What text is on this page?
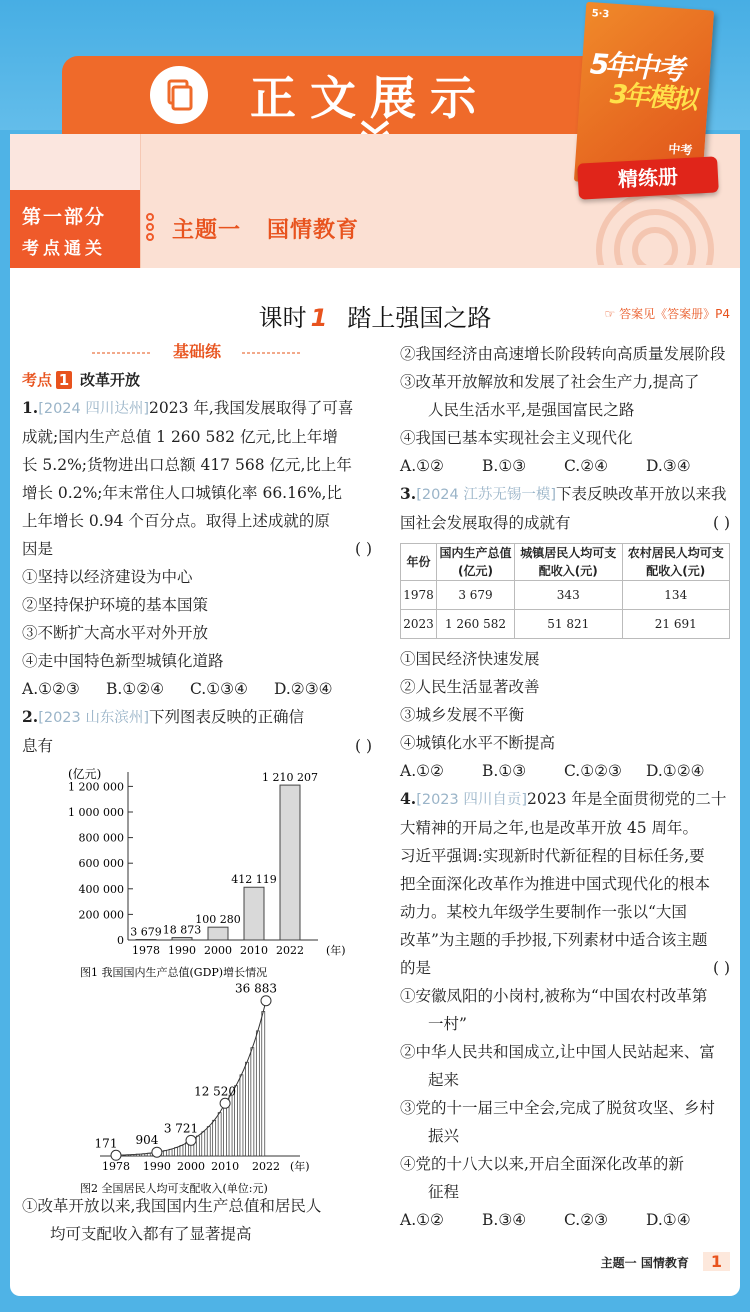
正文展示
5·3
5年中考
3年模拟
中考
精练册
第一部分
考点通关
主题一   国情教育
课时 1 踏上强国之路	☞ 答案见《答案册》P4
基础练
考点 1 改革开放

1.[2024 四川达州]2023 年,我国发展取得了可喜

成就;国内生产总值 1 260 582 亿元,比上年增

长 5.2%;货物进出口总额 417 568 亿元,比上年

增长 0.2%;年末常住人口城镇化率 66.16%,比

上年增长 0.94 个百分点。取得上述成就的原

因是	( )

①坚持以经济建设为中心

②坚持保护环境的基本国策

③不断扩大高水平对外开放

④走中国特色新型城镇化道路

A.①②③ B.①②④ C.①③④ D.②③④

2.[2023 山东滨州]下列图表反映的正确信

息有	( )

(亿元)
0
200 000
400 000
600 000
800 000
1 000 000
1 200 000
3 679
1978
18 873
1990
100 280
2000
412 119
2010
1 210 207
2022 (年)
图1 我国国内生产总值(GDP)增长情况
171
1978
904
1990
3 721
2000
12 520
2010
36 883
2022 (年)
图2 全国居民人均可支配收入(单位:元)

①改革开放以来,我国国内生产总值和居民人

均可支配收入都有了显著提高

②我国经济由高速增长阶段转向高质量发展阶段

③改革开放解放和发展了社会生产力,提高了

人民生活水平,是强国富民之路

④我国已基本实现社会主义现代化

A.①② B.①③ C.②④ D.③④

3.[2024 江苏无锡一模]下表反映改革开放以来我

国社会发展取得的成就有	( )

年份	国内生产总值(亿元)	城镇居民人均可支配收入(元)	农村居民人均可支配收入(元)
1978	3 679	343	134
2023	1 260 582	51 821	21 691

①国民经济快速发展

②人民生活显著改善

③城乡发展不平衡

④城镇化水平不断提高

A.①② B.①③ C.①②③ D.①②④

4.[2023 四川自贡]2023 年是全面贯彻党的二十

大精神的开局之年,也是改革开放 45 周年。

习近平强调:实现新时代新征程的目标任务,要

把全面深化改革作为推进中国式现代化的根本

动力。某校九年级学生要制作一张以“大国

改革”为主题的手抄报,下列素材中适合该主题

的是	( )

①安徽凤阳的小岗村,被称为“中国农村改革第

一村”

②中华人民共和国成立,让中国人民站起来、富

起来

③党的十一届三中全会,完成了脱贫攻坚、乡村

振兴

④党的十八大以来,开启全面深化改革的新

征程

A.①② B.③④ C.②③ D.①④

主题一 国情教育 1
